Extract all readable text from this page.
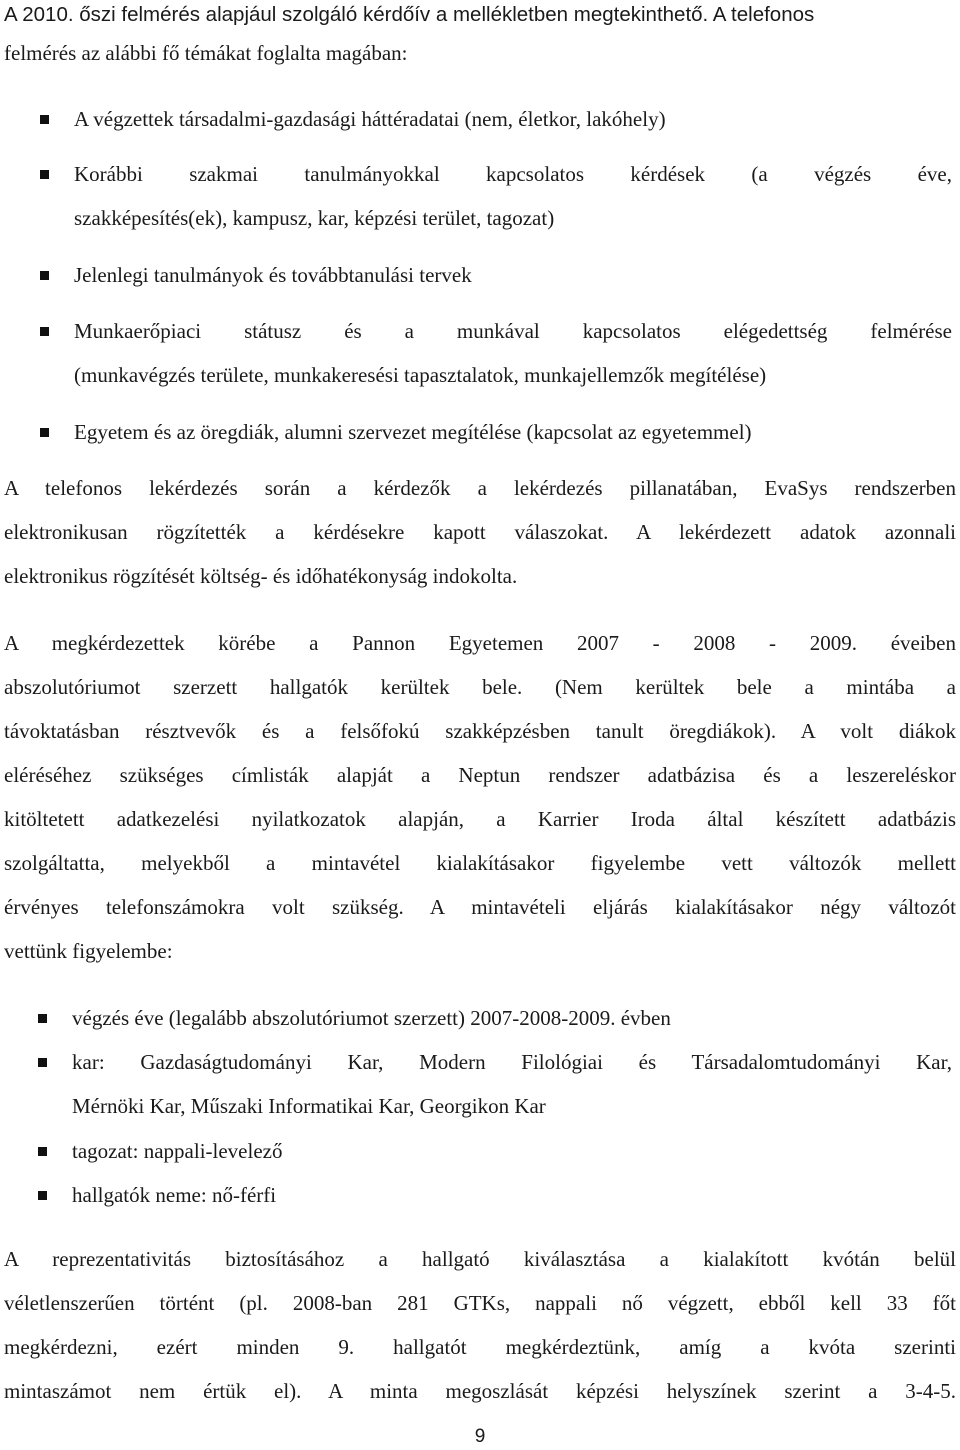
A 2010. őszi felmérés alapjául szolgáló kérdőív a mellékletben megtekinthető. A telefonos
felmérés az alábbi fő témákat foglalta magában:
A végzettek társadalmi-gazdasági háttéradatai (nem, életkor, lakóhely)
Korábbi szakmai tanulmányokkal kapcsolatos kérdések (a végzés éve,
szakképesítés(ek), kampusz, kar, képzési terület, tagozat)
Jelenlegi tanulmányok és továbbtanulási tervek
Munkaerőpiaci státusz és a munkával kapcsolatos elégedettség felmérése
(munkavégzés területe, munkakeresési tapasztalatok, munkajellemzők megítélése)
Egyetem és az öregdiák, alumni szervezet megítélése (kapcsolat az egyetemmel)
A telefonos lekérdezés során a kérdezők a lekérdezés pillanatában, EvaSys rendszerben
elektronikusan rögzítették a kérdésekre kapott válaszokat. A lekérdezett adatok azonnali
elektronikus rögzítését költség- és időhatékonyság indokolta.
A megkérdezettek körébe a Pannon Egyetemen 2007 - 2008 - 2009. éveiben
abszolutóriumot szerzett hallgatók kerültek bele. (Nem kerültek bele a mintába a
távoktatásban résztvevők és a felsőfokú szakképzésben tanult öregdiákok). A volt diákok
eléréséhez szükséges címlisták alapját a Neptun rendszer adatbázisa és a leszereléskor
kitöltetett adatkezelési nyilatkozatok alapján, a Karrier Iroda által készített adatbázis
szolgáltatta, melyekből a mintavétel kialakításakor figyelembe vett változók mellett
érvényes telefonszámokra volt szükség. A mintavételi eljárás kialakításakor négy változót
vettünk figyelembe:
végzés éve (legalább abszolutóriumot szerzett) 2007-2008-2009. évben
kar: Gazdaságtudományi Kar, Modern Filológiai és Társadalomtudományi Kar,
Mérnöki Kar, Műszaki Informatikai Kar, Georgikon Kar
tagozat: nappali-levelező
hallgatók neme: nő-férfi
A reprezentativitás biztosításához a hallgató kiválasztása a kialakított kvótán belül
véletlenszerűen történt (pl. 2008-ban 281 GTKs, nappali nő végzett, ebből kell 33 főt
megkérdezni, ezért minden 9. hallgatót megkérdeztünk, amíg a kvóta szerinti
mintaszámot nem értük el). A minta megoszlását képzési helyszínek szerint a 3-4-5.
9
